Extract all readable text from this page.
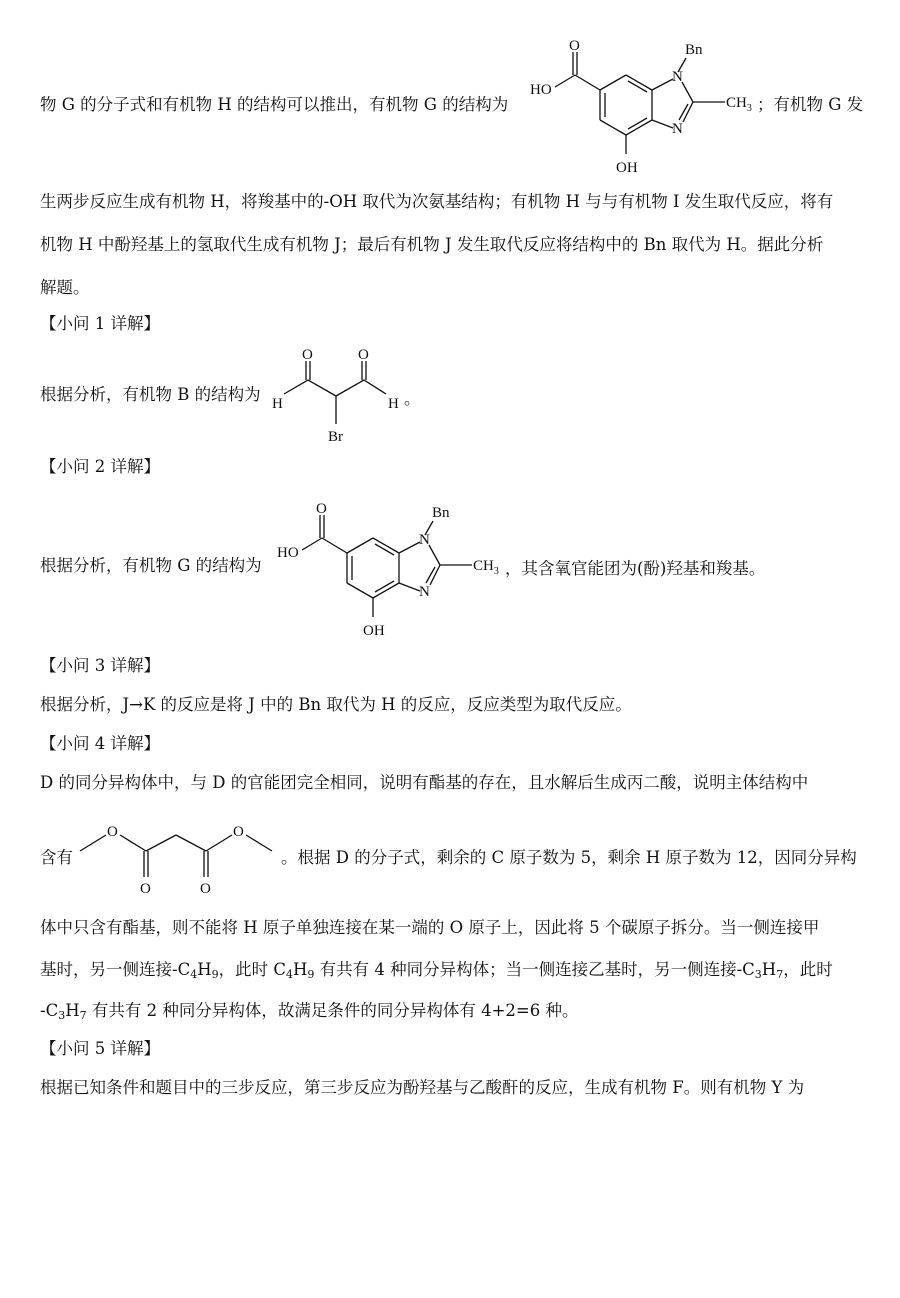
物 G 的分子式和有机物 H 的结构可以推出，有机物 G 的结构为
O
HO
N
N
Bn
$CH_3$
OH
；有机物 G 发
生两步反应生成有机物 H，将羧基中的-OH 取代为次氨基结构；有机物 H 与与有机物 I 发生取代反应，将有
机物 H 中酚羟基上的氢取代生成有机物 J；最后有机物 J 发生取代反应将结构中的 Bn 取代为 H。据此分析
解题。
【小问 1 详解】
根据分析，有机物 B 的结构为
O	O
H	H
Br
。
【小问 2 详解】
根据分析，有机物 G 的结构为
O
HO
N
N
Bn
$CH_3$
OH
，其含氧官能团为(酚)羟基和羧基。
【小问 3 详解】
根据分析，J→K 的反应是将 J 中的 Bn 取代为 H 的反应，反应类型为取代反应。
【小问 4 详解】
D 的同分异构体中，与 D 的官能团完全相同，说明有酯基的存在，且水解后生成丙二酸，说明主体结构中
含有
O	O
O	O
。根据 D 的分子式，剩余的 C 原子数为 5，剩余 H 原子数为 12，因同分异构
体中只含有酯基，则不能将 H 原子单独连接在某一端的 O 原子上，因此将 5 个碳原子拆分。当一侧连接甲
基时，另一侧连接$-C_4H_9$，此时 $C_4H_9$ 有共有 4 种同分异构体；当一侧连接乙基时，另一侧连接$-C_3H_7$，此时
$-C_3H_7$ 有共有 2 种同分异构体，故满足条件的同分异构体有 4+2=6 种。
【小问 5 详解】
根据已知条件和题目中的三步反应，第三步反应为酚羟基与乙酸酐的反应，生成有机物 F。则有机物 Y 为
